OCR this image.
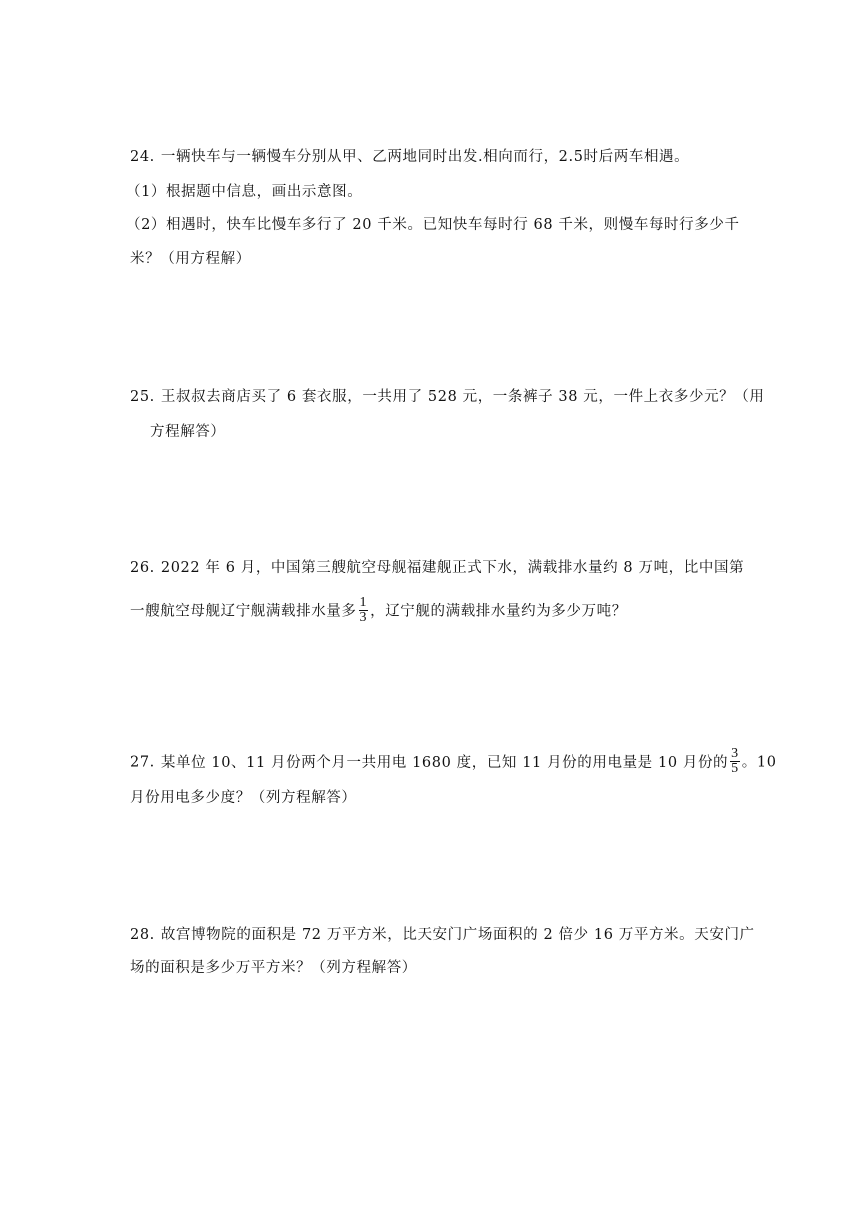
24. 一辆快车与一辆慢车分别从甲、乙两地同时出发.相向而行，2.5时后两车相遇。
（1）根据题中信息，画出示意图。
（2）相遇时，快车比慢车多行了 20 千米。已知快车每时行 68 千米，则慢车每时行多少千
米？（用方程解）
25. 王叔叔去商店买了 6 套衣服，一共用了 528 元，一条裤子 38 元，一件上衣多少元？（用
方程解答）
26. 2022 年 6 月，中国第三艘航空母舰福建舰正式下水，满载排水量约 8 万吨，比中国第
一艘航空母舰辽宁舰满载排水量多 $\frac{1}{3}$ ，辽宁舰的满载排水量约为多少万吨？
27. 某单位 10、11 月份两个月一共用电 1680 度，已知 11 月份的用电量是 10 月份的 $\frac{3}{5}$ 。10
月份用电多少度？（列方程解答）
28. 故宫博物院的面积是 72 万平方米，比天安门广场面积的 2 倍少 16 万平方米。天安门广
场的面积是多少万平方米？（列方程解答）
